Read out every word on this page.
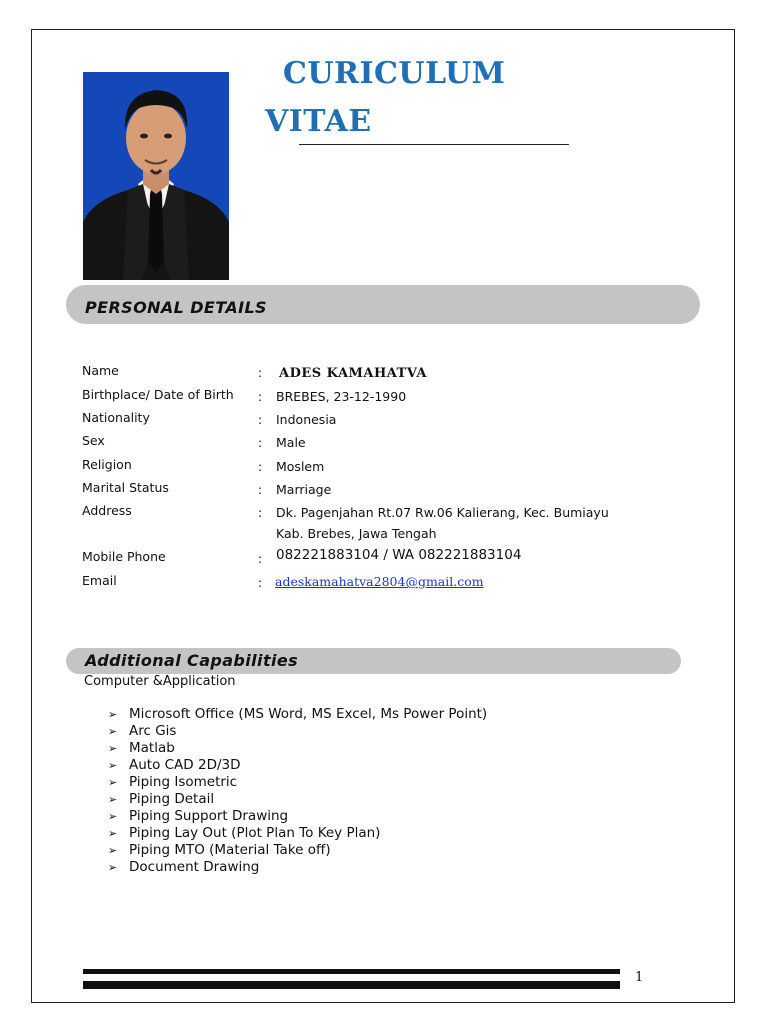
CURICULUM
VITAE
PERSONAL DETAILS
Name	: ADES KAMAHATVA
Birthplace/ Date of Birth	: BREBES, 23-12-1990
Nationality	: Indonesia
Sex	: Male
Religion	: Moslem
Marital Status	: Marriage
Address	: Dk. Pagenjahan Rt.07 Rw.06 Kalierang, Kec. Bumiayu
Kab. Brebes, Jawa Tengah
Mobile Phone	: 082221883104 / WA 082221883104
Email	: adeskamahatva2804@gmail.com
Additional Capabilities
Computer &Application
➢ Microsoft Office (MS Word, MS Excel, Ms Power Point)
➢ Arc Gis
➢ Matlab
➢ Auto CAD 2D/3D
➢ Piping Isometric
➢ Piping Detail
➢ Piping Support Drawing
➢ Piping Lay Out (Plot Plan To Key Plan)
➢ Piping MTO (Material Take off)
➢ Document Drawing
1
